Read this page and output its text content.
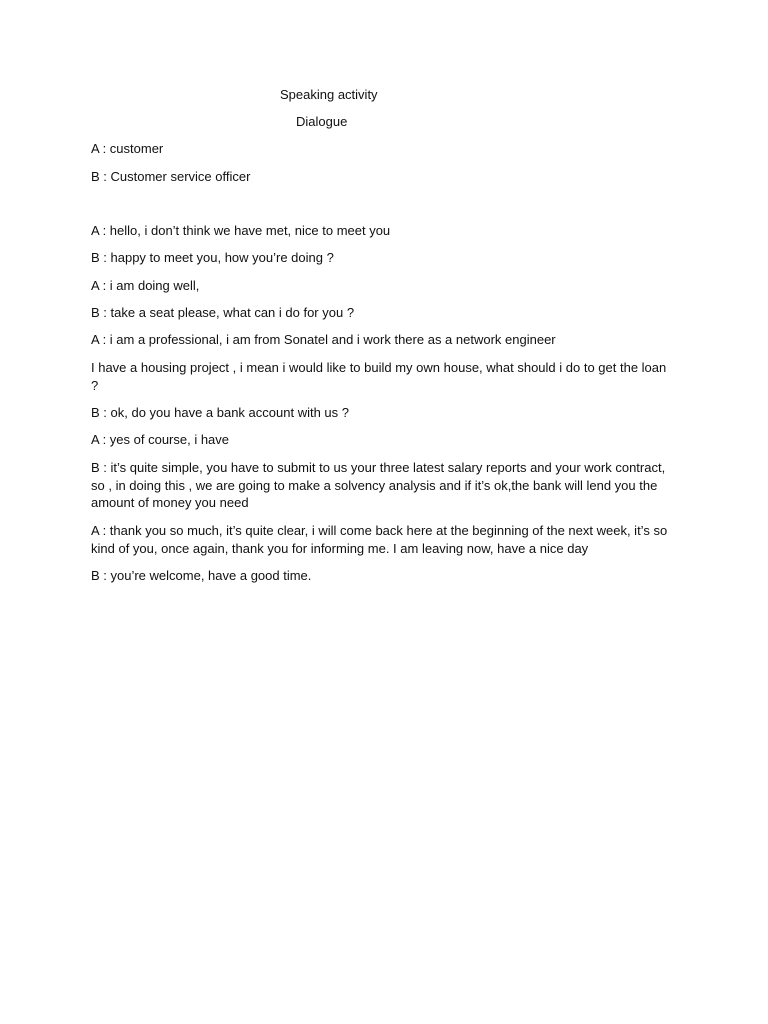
Speaking activity

Dialogue

A : customer

B : Customer service officer

A : hello, i don’t think we have met, nice to meet you

B : happy to meet you, how you’re doing ?

A : i am doing well,

B : take a seat please, what can i do for you ?

A : i am a professional, i am from Sonatel and i work there as a network engineer

I have a housing project , i mean i would like to build my own house, what should i do to get the loan ?

B : ok, do you have a bank account with us ?

A : yes of course, i have

B : it’s quite simple, you have to submit to us your three latest salary reports and your work contract, so , in doing this , we are going to make a solvency analysis and if it’s ok,the bank will lend you the amount of money you need

A : thank you so much, it’s quite clear, i will come back here at the beginning of the next week, it’s so kind of you, once again, thank you for informing me. I am leaving now, have a nice day

B : you’re welcome, have a good time.
